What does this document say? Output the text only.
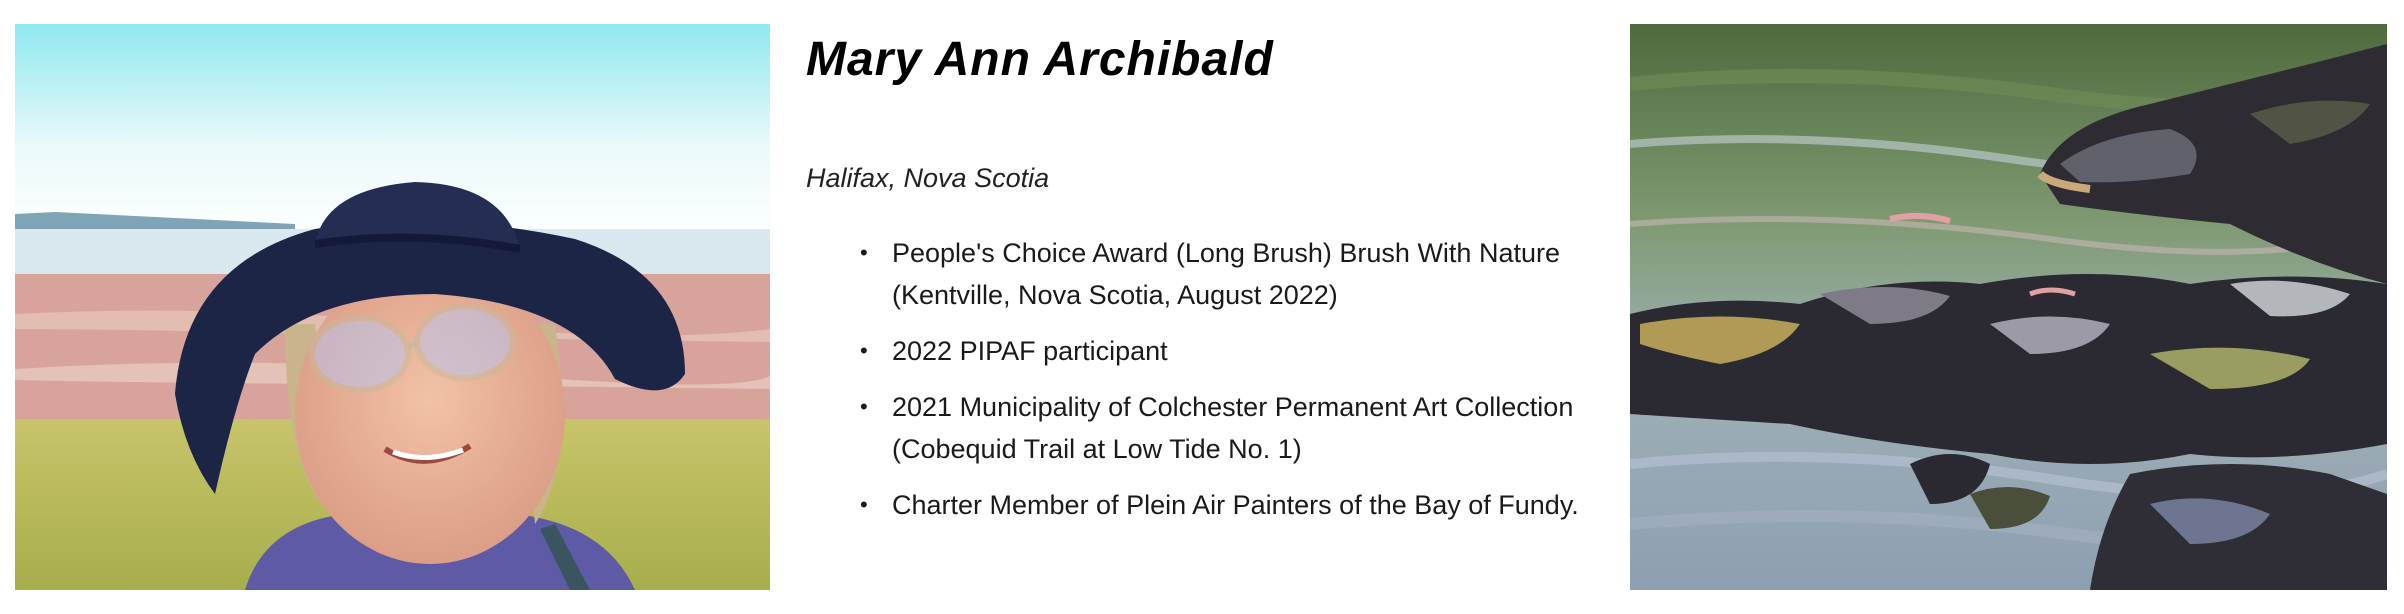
Mary Ann Archibald

Halifax, Nova Scotia

• People's Choice Award (Long Brush) Brush With Nature (Kentville, Nova Scotia, August 2022)
• 2022 PIPAF participant
• 2021 Municipality of Colchester Permanent Art Collection (Cobequid Trail at Low Tide No. 1)
• Charter Member of Plein Air Painters of the Bay of Fundy.
